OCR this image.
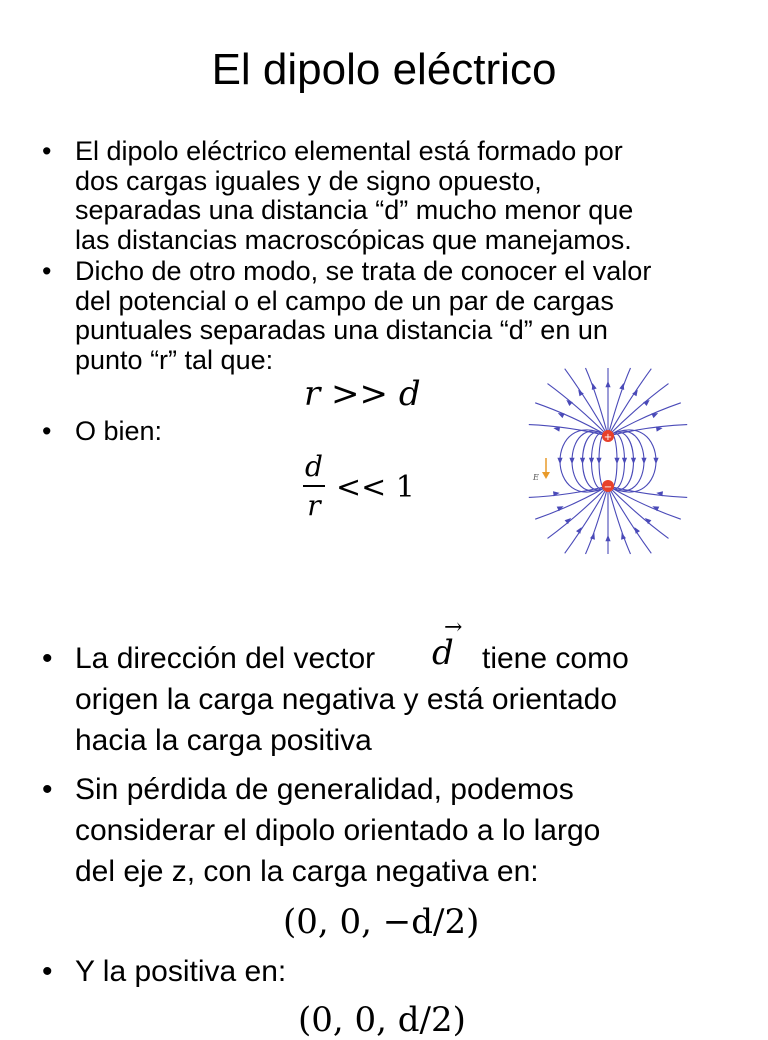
El dipolo eléctrico
• El dipolo eléctrico elemental está formado por
dos cargas iguales y de signo opuesto,
separadas una distancia “d” mucho menor que
las distancias macroscópicas que manejamos.
• Dicho de otro modo, se trata de conocer el valor
del potencial o el campo de un par de cargas
puntuales separadas una distancia “d” en un
punto “r” tal que:
r >> d
• O bien:
d
r << 1
+
−
E
• La dirección del vector
origen la carga negativa y está orientado
hacia la carga positiva
d
→
tiene como
• Sin pérdida de generalidad, podemos
considerar el dipolo orientado a lo largo
del eje z, con la carga negativa en:
(0, 0, −d/2)
• Y la positiva en:
(0, 0, d/2)
